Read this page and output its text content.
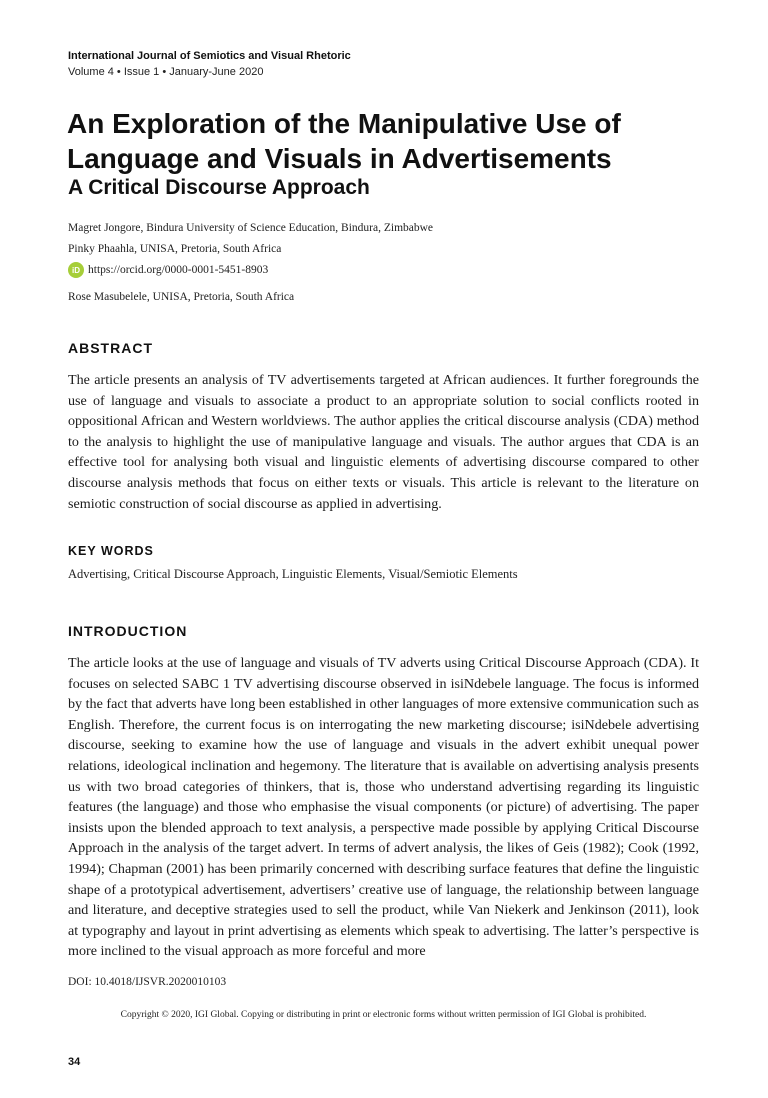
International Journal of Semiotics and Visual Rhetoric
Volume 4 • Issue 1 • January-June 2020
An Exploration of the Manipulative Use of Language and Visuals in Advertisements
A Critical Discourse Approach
Magret Jongore, Bindura University of Science Education, Bindura, Zimbabwe
Pinky Phaahla, UNISA, Pretoria, South Africa
iD https://orcid.org/0000-0001-5451-8903
Rose Masubelele, UNISA, Pretoria, South Africa
ABSTRACT

The article presents an analysis of TV advertisements targeted at African audiences. It further foregrounds the use of language and visuals to associate a product to an appropriate solution to social conflicts rooted in oppositional African and Western worldviews. The author applies the critical discourse analysis (CDA) method to the analysis to highlight the use of manipulative language and visuals. The author argues that CDA is an effective tool for analysing both visual and linguistic elements of advertising discourse compared to other discourse analysis methods that focus on either texts or visuals. This article is relevant to the literature on semiotic construction of social discourse as applied in advertising.

KEY WORDS

Advertising, Critical Discourse Approach, Linguistic Elements, Visual/Semiotic Elements

INTRODUCTION

The article looks at the use of language and visuals of TV adverts using Critical Discourse Approach (CDA). It focuses on selected SABC 1 TV advertising discourse observed in isiNdebele language. The focus is informed by the fact that adverts have long been established in other languages of more extensive communication such as English. Therefore, the current focus is on interrogating the new marketing discourse; isiNdebele advertising discourse, seeking to examine how the use of language and visuals in the advert exhibit unequal power relations, ideological inclination and hegemony. The literature that is available on advertising analysis presents us with two broad categories of thinkers, that is, those who understand advertising regarding its linguistic features (the language) and those who emphasise the visual components (or picture) of advertising. The paper insists upon the blended approach to text analysis, a perspective made possible by applying Critical Discourse Approach in the analysis of the target advert. In terms of advert analysis, the likes of Geis (1982); Cook (1992, 1994); Chapman (2001) has been primarily concerned with describing surface features that define the linguistic shape of a prototypical advertisement, advertisers’ creative use of language, the relationship between language and literature, and deceptive strategies used to sell the product, while Van Niekerk and Jenkinson (2011), look at typography and layout in print advertising as elements which speak to advertising. The latter’s perspective is more inclined to the visual approach as more forceful and more

DOI: 10.4018/IJSVR.2020010103
Copyright © 2020, IGI Global. Copying or distributing in print or electronic forms without written permission of IGI Global is prohibited.
34
